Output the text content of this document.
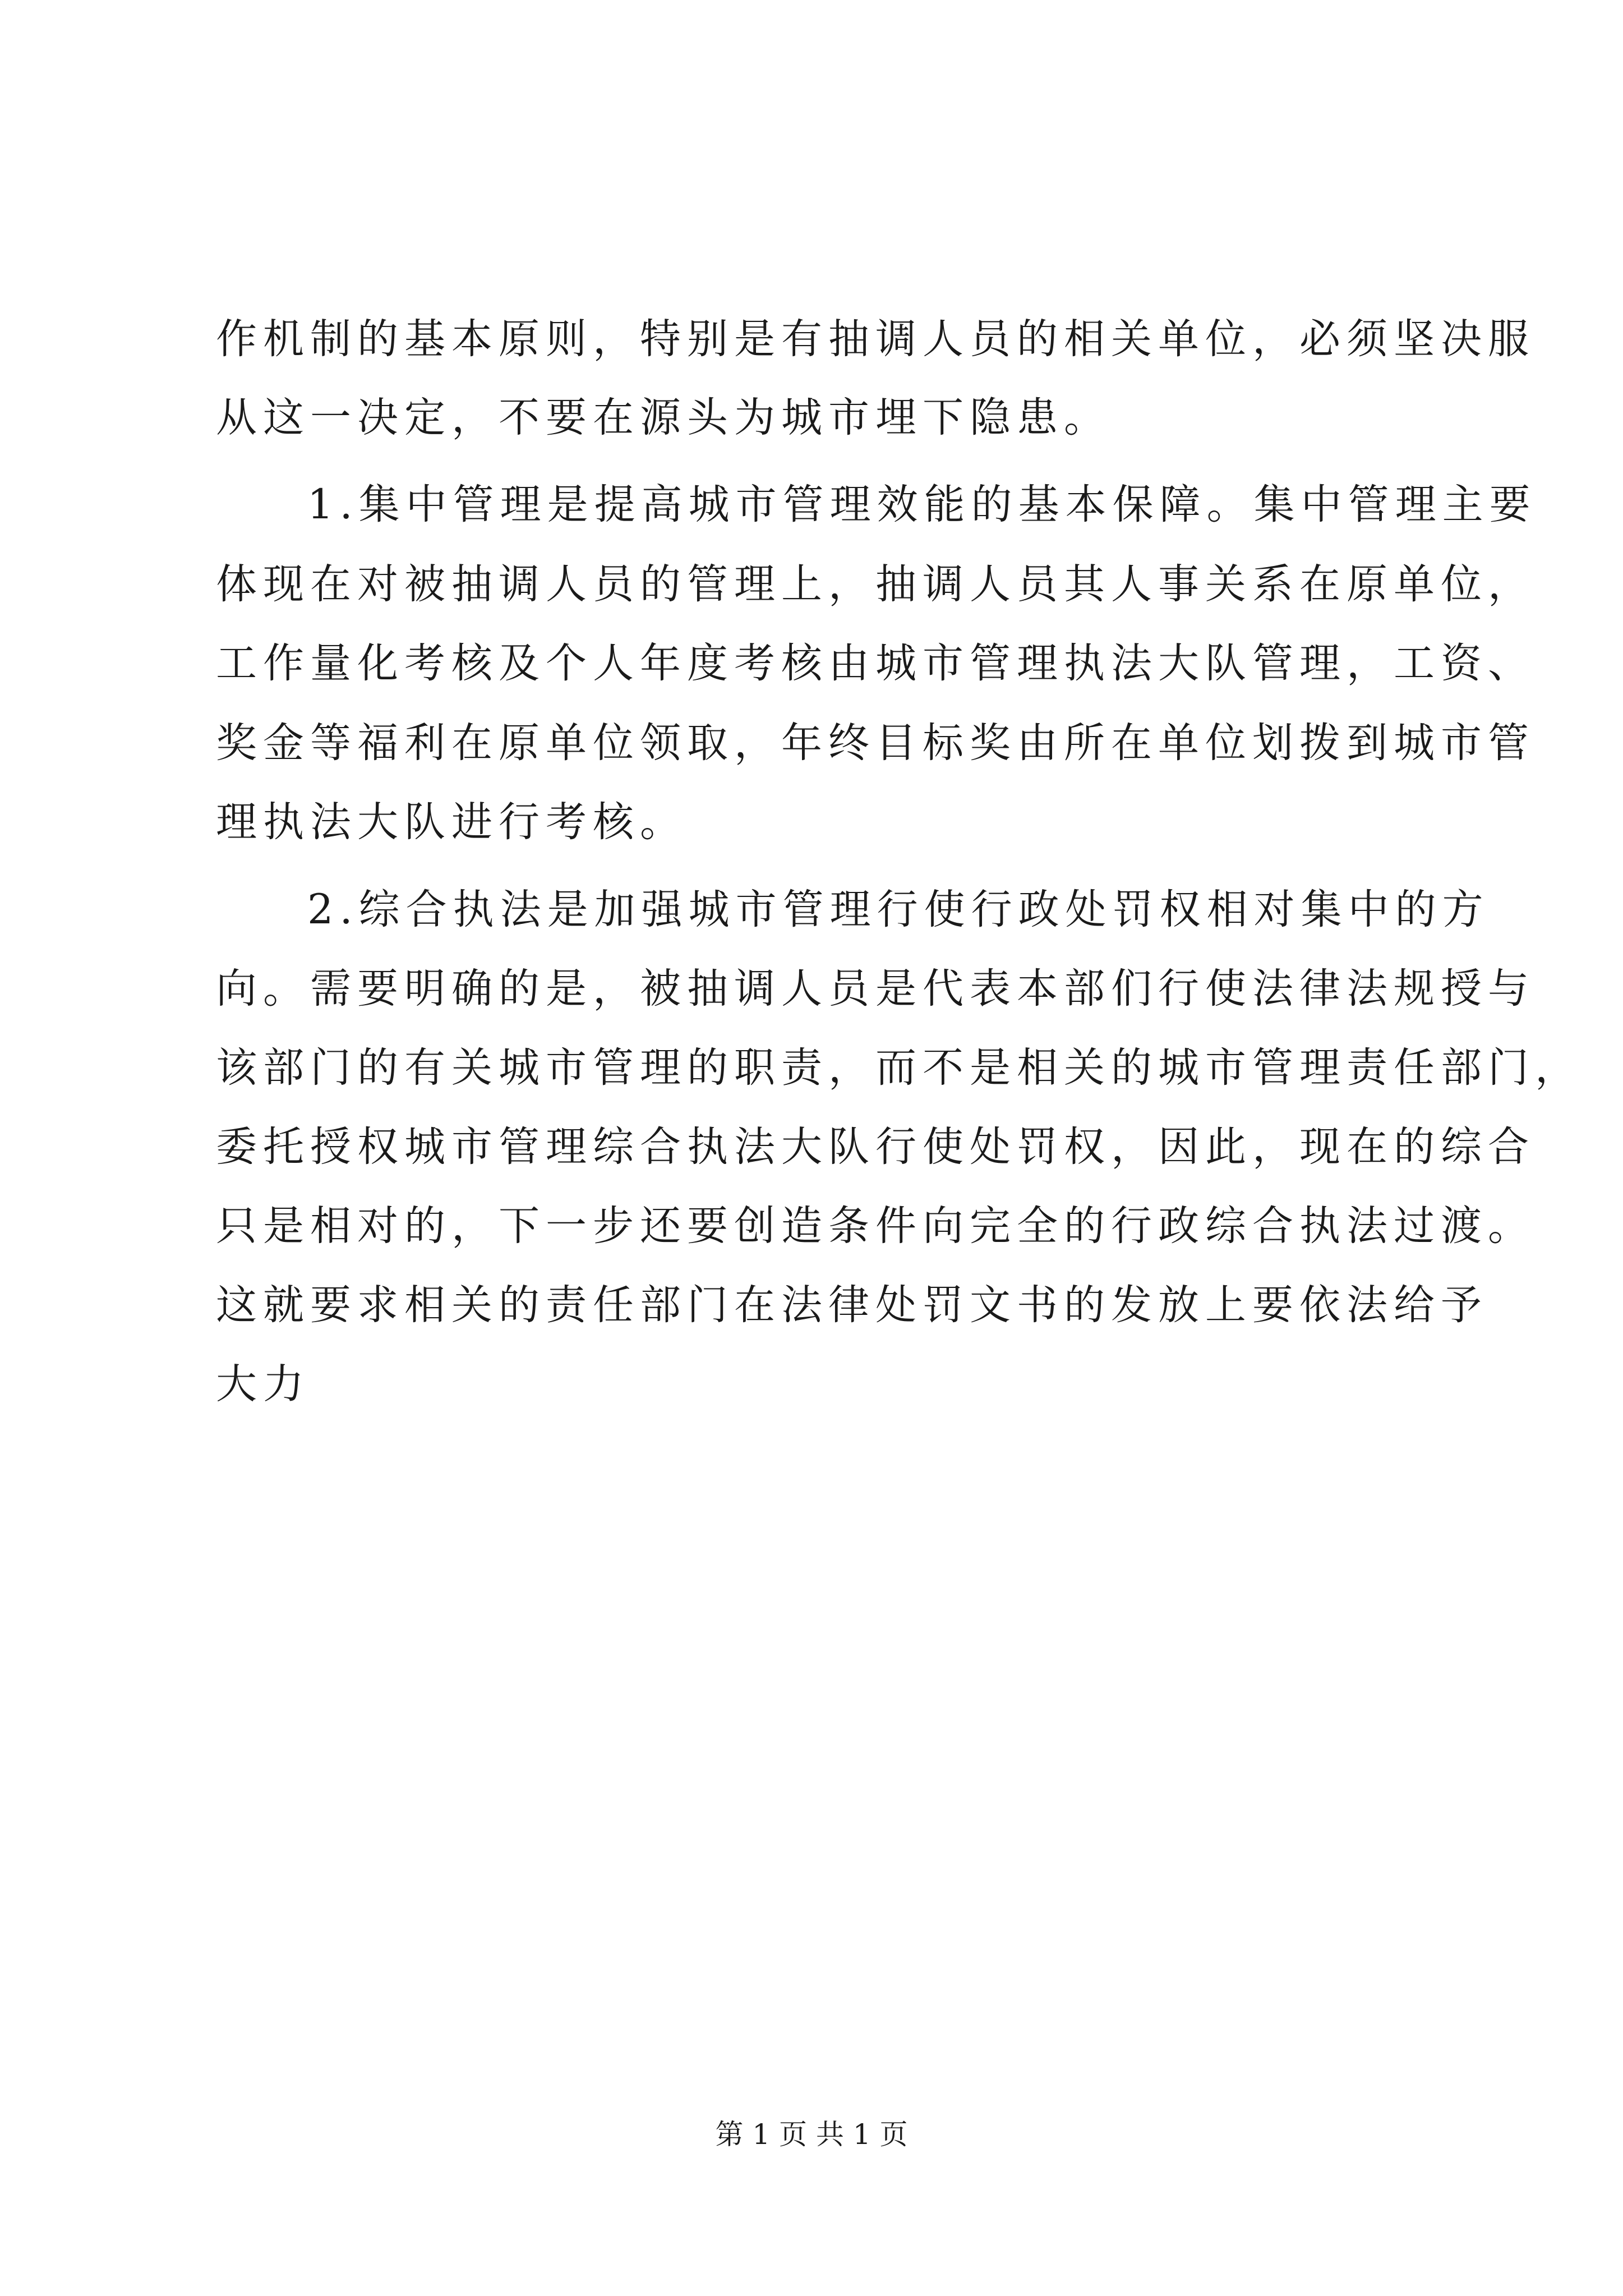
作机制的基本原则，特别是有抽调人员的相关单位，必须坚决服
从这一决定，不要在源头为城市埋下隐患。
1.集中管理是提高城市管理效能的基本保障。集中管理主要
体现在对被抽调人员的管理上，抽调人员其人事关系在原单位，
工作量化考核及个人年度考核由城市管理执法大队管理，工资、
奖金等福利在原单位领取，年终目标奖由所在单位划拨到城市管
理执法大队进行考核。
2.综合执法是加强城市管理行使行政处罚权相对集中的方
向。需要明确的是，被抽调人员是代表本部们行使法律法规授与
该部门的有关城市管理的职责，而不是相关的城市管理责任部门，
委托授权城市管理综合执法大队行使处罚权，因此，现在的综合
只是相对的，下一步还要创造条件向完全的行政综合执法过渡。
这就要求相关的责任部门在法律处罚文书的发放上要依法给予
大力
第 1 页 共 1 页
